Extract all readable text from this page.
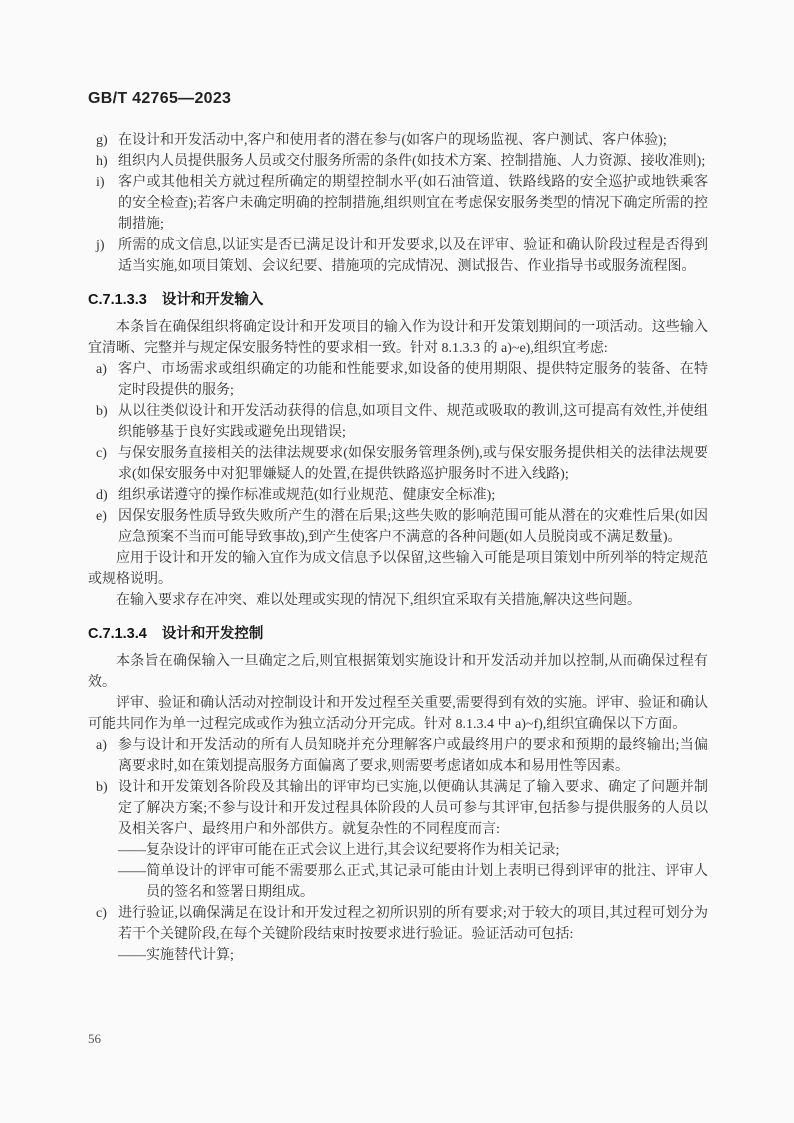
GB/T 42765—2023
g) 在设计和开发活动中,客户和使用者的潜在参与(如客户的现场监视、客户测试、客户体验);
h) 组织内人员提供服务人员或交付服务所需的条件(如技术方案、控制措施、人力资源、接收准则);
i) 客户或其他相关方就过程所确定的期望控制水平(如石油管道、铁路线路的安全巡护或地铁乘客的安全检查);若客户未确定明确的控制措施,组织则宜在考虑保安服务类型的情况下确定所需的控制措施;
j) 所需的成文信息,以证实是否已满足设计和开发要求,以及在评审、验证和确认阶段过程是否得到适当实施,如项目策划、会议纪要、措施项的完成情况、测试报告、作业指导书或服务流程图。
C.7.1.3.3 设计和开发输入
本条旨在确保组织将确定设计和开发项目的输入作为设计和开发策划期间的一项活动。这些输入宜清晰、完整并与规定保安服务特性的要求相一致。针对 8.1.3.3 的 a)~e),组织宜考虑:
a) 客户、市场需求或组织确定的功能和性能要求,如设备的使用期限、提供特定服务的装备、在特定时段提供的服务;
b) 从以往类似设计和开发活动获得的信息,如项目文件、规范或吸取的教训,这可提高有效性,并使组织能够基于良好实践或避免出现错误;
c) 与保安服务直接相关的法律法规要求(如保安服务管理条例),或与保安服务提供相关的法律法规要求(如保安服务中对犯罪嫌疑人的处置,在提供铁路巡护服务时不进入线路);
d) 组织承诺遵守的操作标准或规范(如行业规范、健康安全标准);
e) 因保安服务性质导致失败所产生的潜在后果;这些失败的影响范围可能从潜在的灾难性后果(如因应急预案不当而可能导致事故),到产生使客户不满意的各种问题(如人员脱岗或不满足数量)。
应用于设计和开发的输入宜作为成文信息予以保留,这些输入可能是项目策划中所列举的特定规范或规格说明。
在输入要求存在冲突、难以处理或实现的情况下,组织宜采取有关措施,解决这些问题。
C.7.1.3.4 设计和开发控制
本条旨在确保输入一旦确定之后,则宜根据策划实施设计和开发活动并加以控制,从而确保过程有效。
评审、验证和确认活动对控制设计和开发过程至关重要,需要得到有效的实施。评审、验证和确认可能共同作为单一过程完成或作为独立活动分开完成。针对 8.1.3.4 中 a)~f),组织宜确保以下方面。
a) 参与设计和开发活动的所有人员知晓并充分理解客户或最终用户的要求和预期的最终输出;当偏离要求时,如在策划提高服务方面偏离了要求,则需要考虑诸如成本和易用性等因素。
b) 设计和开发策划各阶段及其输出的评审均已实施,以便确认其满足了输入要求、确定了问题并制定了解决方案;不参与设计和开发过程具体阶段的人员可参与其评审,包括参与提供服务的人员以及相关客户、最终用户和外部供方。就复杂性的不同程度而言:
——复杂设计的评审可能在正式会议上进行,其会议纪要将作为相关记录;
——简单设计的评审可能不需要那么正式,其记录可能由计划上表明已得到评审的批注、评审人员的签名和签署日期组成。
c) 进行验证,以确保满足在设计和开发过程之初所识别的所有要求;对于较大的项目,其过程可划分为若干个关键阶段,在每个关键阶段结束时按要求进行验证。验证活动可包括:
——实施替代计算;
56
